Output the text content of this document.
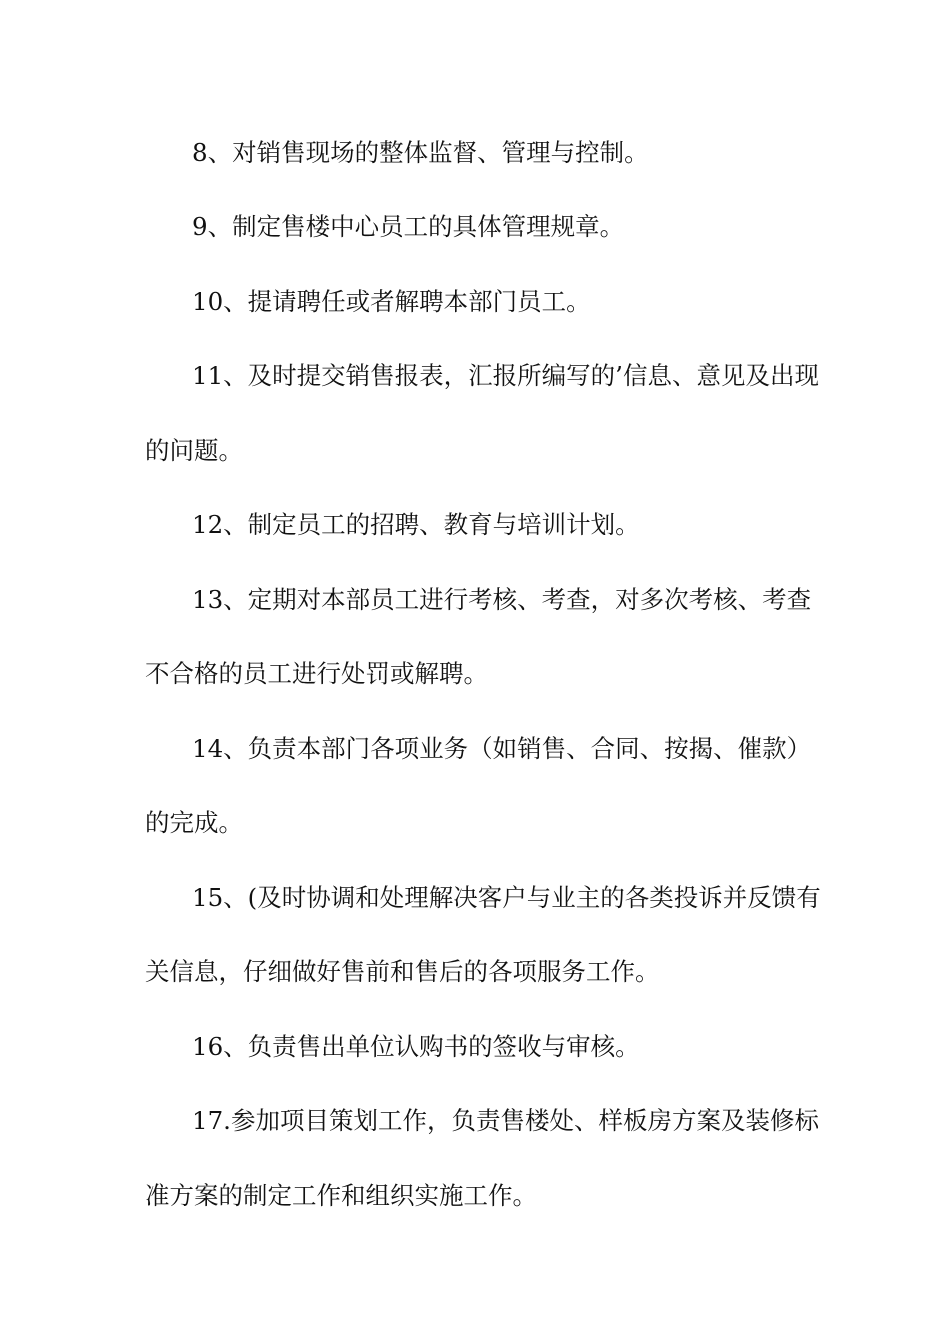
8、对销售现场的整体监督、管理与控制。
9、制定售楼中心员工的具体管理规章。
10、提请聘任或者解聘本部门员工。
11、及时提交销售报表，汇报所编写的’信息、意见及出现
的问题。
12、制定员工的招聘、教育与培训计划。
13、定期对本部员工进行考核、考查，对多次考核、考查
不合格的员工进行处罚或解聘。
14、负责本部门各项业务（如销售、合同、按揭、催款）
的完成。
15、(及时协调和处理解决客户与业主的各类投诉并反馈有
关信息，仔细做好售前和售后的各项服务工作。
16、负责售出单位认购书的签收与审核。
17.参加项目策划工作，负责售楼处、样板房方案及装修标
准方案的制定工作和组织实施工作。
